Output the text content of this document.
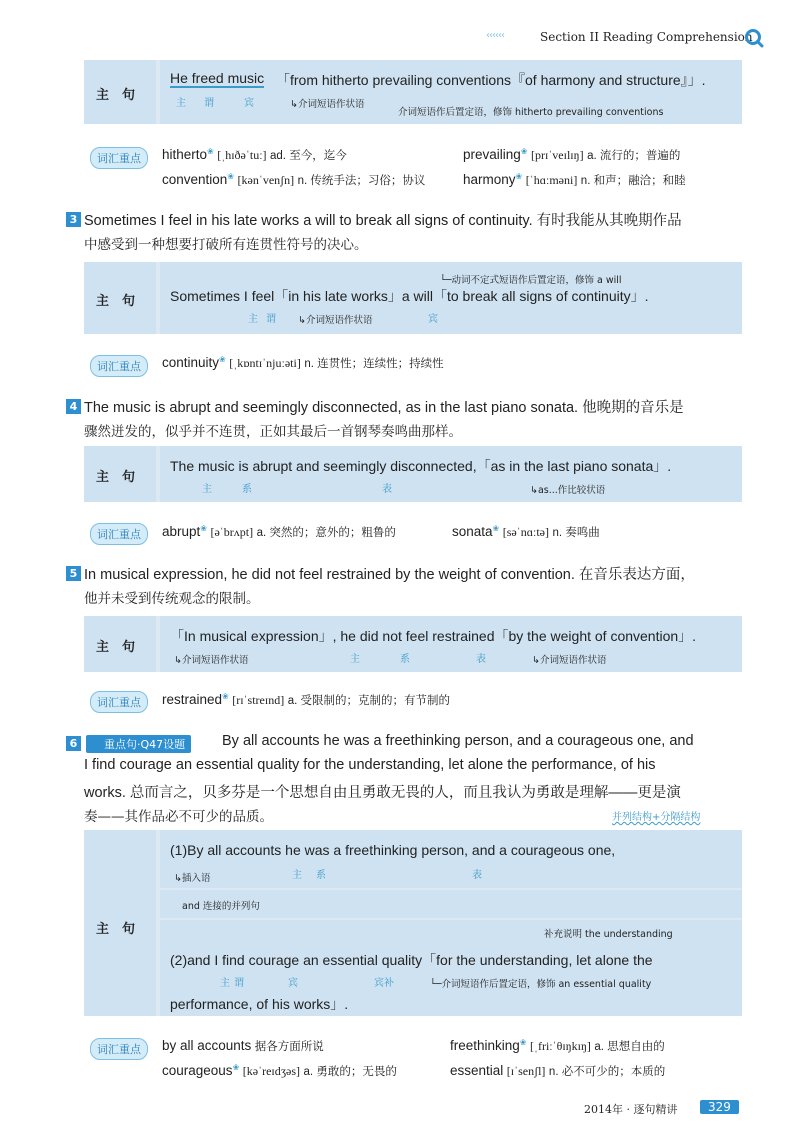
‹‹‹‹‹‹	Section II Reading Comprehension
主　句
He freed music 「from hitherto prevailing conventions『of harmony and structure』」.
主 谓	宾	↳介词短语作状语
介词短语作后置定语，修饰 hitherto prevailing conventions
词汇重点	hitherto❀ [ˌhɪðəˈtuː] ad. 至今，迄今	prevailing❀ [prɪˈveɪlɪŋ] a. 流行的；普遍的
convention❀ [kənˈvenʃn] n. 传统手法；习俗；协议	harmony❀ [ˈhɑːməni] n. 和声；融洽；和睦
3 Sometimes I feel in his late works a will to break all signs of continuity. 有时我能从其晚期作品
中感受到一种想要打破所有连贯性符号的决心。
主　句
└─动词不定式短语作后置定语，修饰 a will
Sometimes I feel「in his late works」a will「to break all signs of continuity」.
主 谓 ↳介词短语作状语	宾
词汇重点	continuity❀ [ˌkɒntɪˈnjuːəti] n. 连贯性；连续性；持续性
4 The music is abrupt and seemingly disconnected, as in the last piano sonata. 他晚期的音乐是
骤然迸发的，似乎并不连贯，正如其最后一首钢琴奏鸣曲那样。
主　句
The music is abrupt and seemingly disconnected,「as in the last piano sonata」.
主	系	表	↳as...作比较状语
词汇重点	abrupt❀ [əˈbrʌpt] a. 突然的；意外的；粗鲁的	sonata❀ [səˈnɑːtə] n. 奏鸣曲
5 In musical expression, he did not feel restrained by the weight of convention. 在音乐表达方面，
他并未受到传统观念的限制。
主　句
「In musical expression」, he did not feel restrained「by the weight of convention」.
↳介词短语作状语	主	系	表	↳介词短语作状语
词汇重点	restrained❀ [rɪˈstreɪnd] a. 受限制的；克制的；有节制的
6	重点句·Q47设题	By all accounts he was a freethinking person, and a courageous one, and
I find courage an essential quality for the understanding, let alone the performance, of his
works. 总而言之，贝多芬是一个思想自由且勇敢无畏的人，而且我认为勇敢是理解——更是演
奏——其作品必不可少的品质。	并列结构+分隔结构
主　句
(1)By all accounts he was a freethinking person, and a courageous one,
↳插入语	主 系	表
and 连接的并列句
补充说明 the understanding
(2)and I find courage an essential quality「for the understanding, let alone the
主 谓	宾	宾补	└─介词短语作后置定语，修饰 an essential quality
performance, of his works」.
词汇重点	by all accounts 据各方面所说	freethinking❀ [ˌfriːˈθɪŋkɪŋ] a. 思想自由的
courageous❀ [kəˈreɪdʒəs] a. 勇敢的；无畏的	essential [ɪˈsenʃl] n. 必不可少的；本质的
2014年 · 逐句精讲	329
